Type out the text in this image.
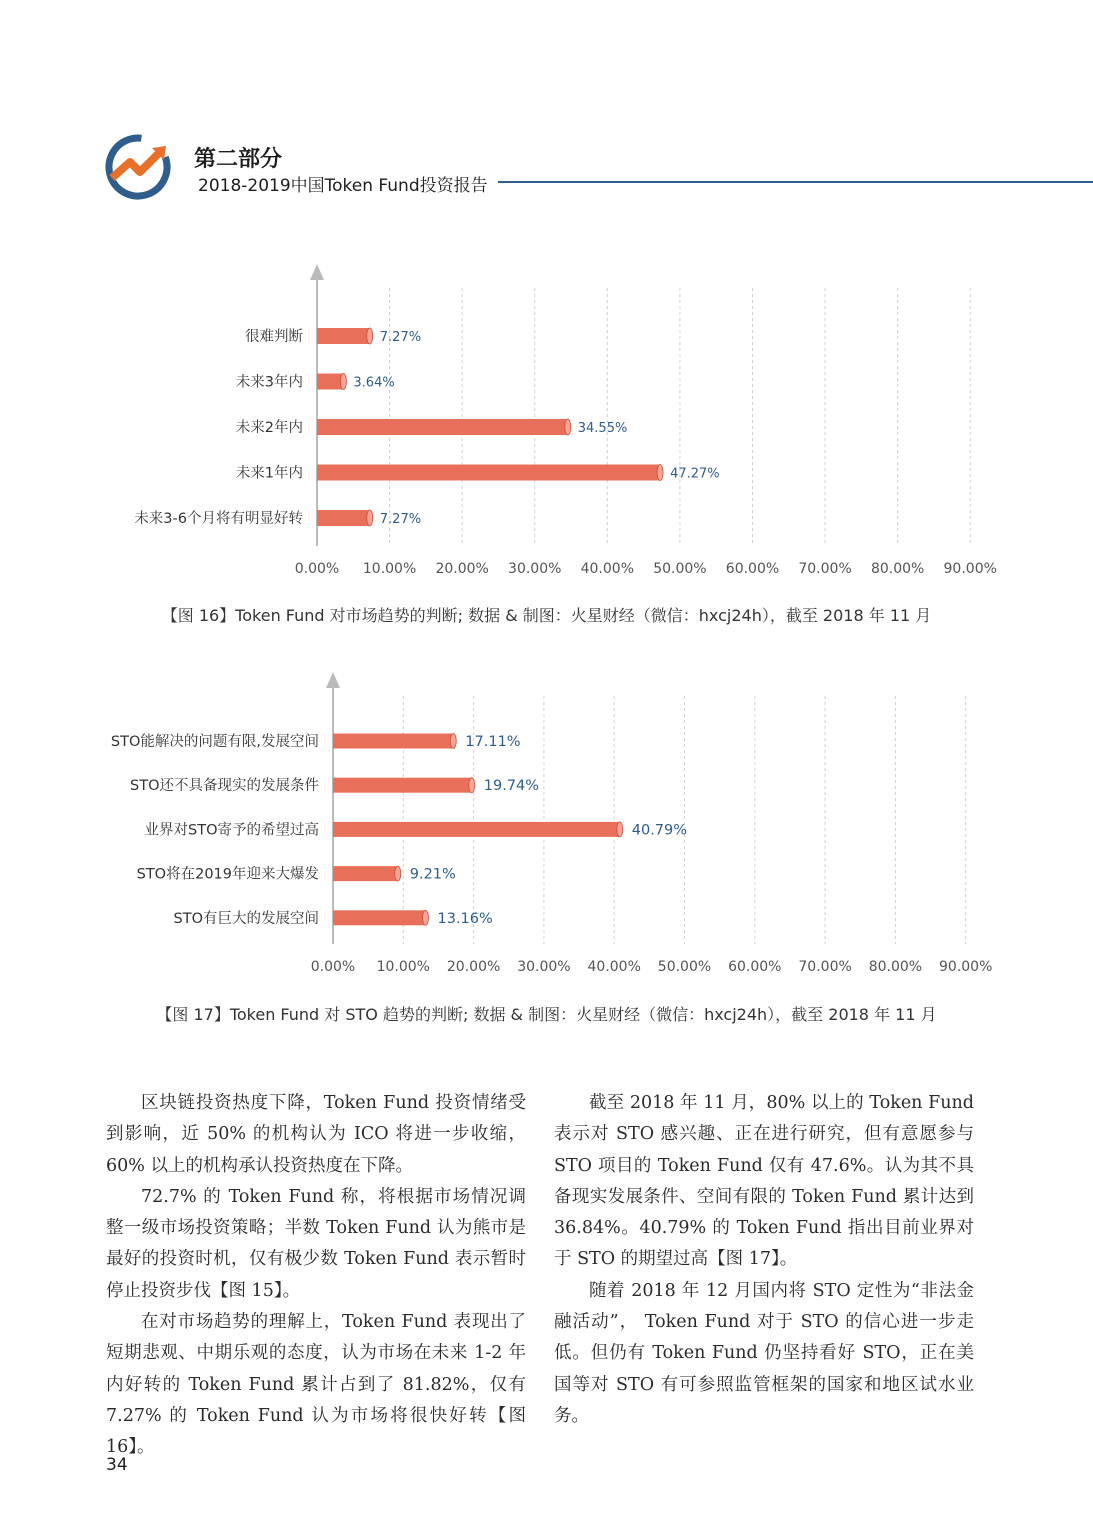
第二部分
2018-2019中国Token Fund投资报告
0.00% 10.00% 20.00% 30.00% 40.00% 50.00% 60.00% 70.00% 80.00% 90.00%
很难判断	7.27%
未来3年内	3.64%
未来2年内	34.55%
未来1年内	47.27%
未来3-6个月将有明显好转	7.27%
【图 16】Token Fund 对市场趋势的判断; 数据 & 制图：火星财经（微信：hxcj24h），截至 2018 年 11 月
0.00% 10.00% 20.00% 30.00% 40.00% 50.00% 60.00% 70.00% 80.00% 90.00%
STO能解决的问题有限,发展空间	17.11%
STO还不具备现实的发展条件	19.74%
业界对STO寄予的希望过高	40.79%
STO将在2019年迎来大爆发	9.21%
STO有巨大的发展空间	13.16%
【图 17】Token Fund 对 STO 趋势的判断; 数据 & 制图：火星财经（微信：hxcj24h），截至 2018 年 11 月

区块链投资热度下降，Token Fund 投资情绪受到影响，近 50% 的机构认为 ICO 将进一步收缩，60% 以上的机构承认投资热度在下降。

72.7% 的 Token Fund 称，将根据市场情况调整一级市场投资策略；半数 Token Fund 认为熊市是最好的投资时机，仅有极少数 Token Fund 表示暂时停止投资步伐【图 15】。

在对市场趋势的理解上，Token Fund 表现出了短期悲观、中期乐观的态度，认为市场在未来 1-2 年内好转的 Token Fund 累计占到了 81.82%，仅有 7.27% 的 Token Fund 认为市场将很快好转【图 16】。

截至 2018 年 11 月，80% 以上的 Token Fund 表示对 STO 感兴趣、正在进行研究，但有意愿参与 STO 项目的 Token Fund 仅有 47.6%。认为其不具备现实发展条件、空间有限的 Token Fund 累计达到 36.84%。40.79% 的 Token Fund 指出目前业界对于 STO 的期望过高【图 17】。

随着 2018 年 12 月国内将 STO 定性为“非法金融活动”， Token Fund 对于 STO 的信心进一步走低。但仍有 Token Fund 仍坚持看好 STO，正在美国等对 STO 有可参照监管框架的国家和地区试水业务。

34
